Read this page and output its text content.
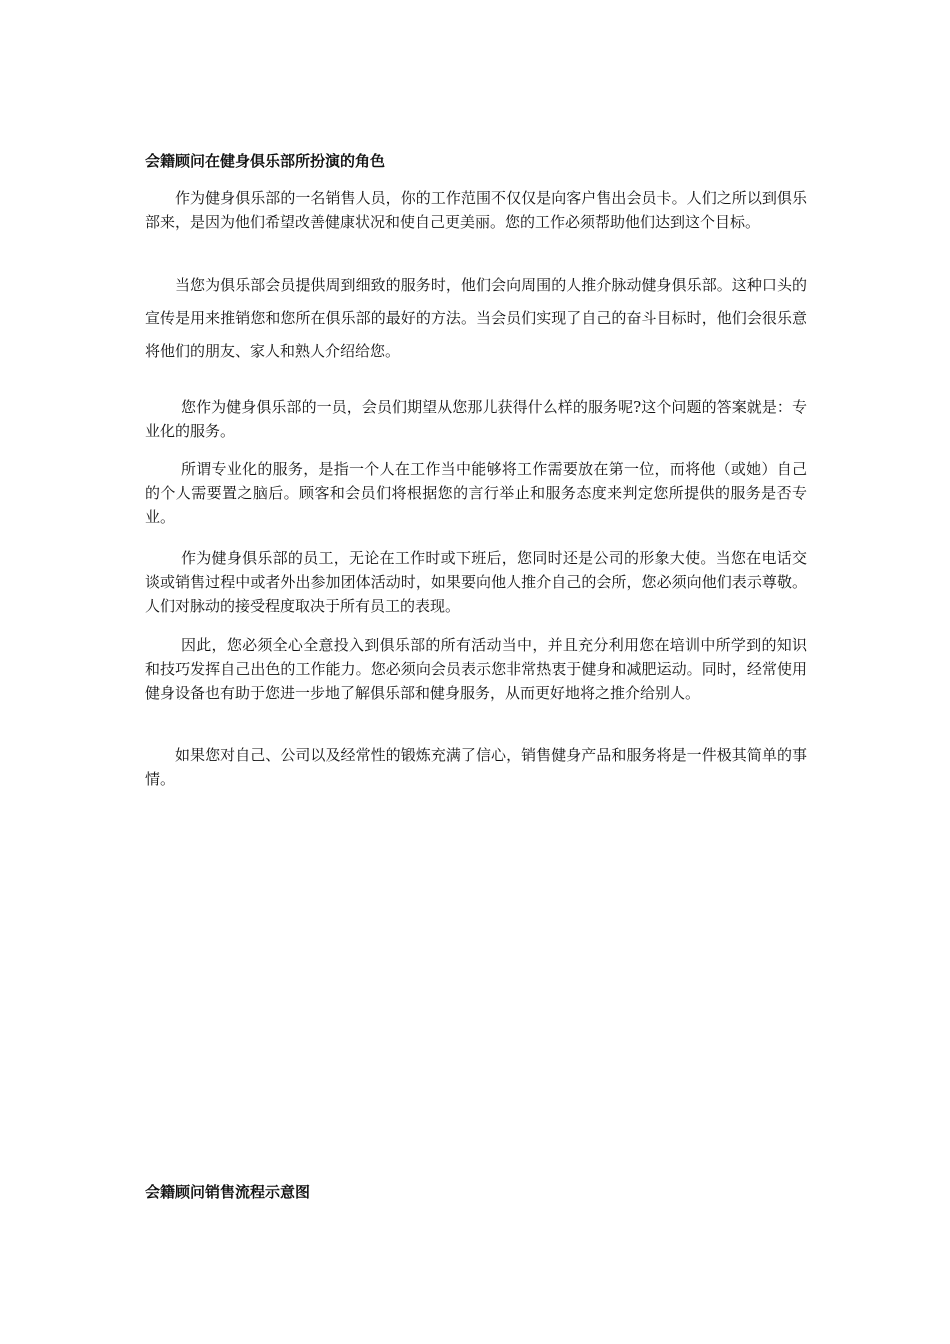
会籍顾问在健身俱乐部所扮演的角色

作为健身俱乐部的一名销售人员，你的工作范围不仅仅是向客户售出会员卡。人们之所以到俱乐部来，是因为他们希望改善健康状况和使自己更美丽。您的工作必须帮助他们达到这个目标。

当您为俱乐部会员提供周到细致的服务时，他们会向周围的人推介脉动健身俱乐部。这种口头的宣传是用来推销您和您所在俱乐部的最好的方法。当会员们实现了自己的奋斗目标时，他们会很乐意将他们的朋友、家人和熟人介绍给您。

您作为健身俱乐部的一员，会员们期望从您那儿获得什么样的服务呢?这个问题的答案就是：专业化的服务。

所谓专业化的服务，是指一个人在工作当中能够将工作需要放在第一位，而将他（或她）自己的个人需要置之脑后。顾客和会员们将根据您的言行举止和服务态度来判定您所提供的服务是否专业。

作为健身俱乐部的员工，无论在工作时或下班后，您同时还是公司的形象大使。当您在电话交谈或销售过程中或者外出参加团体活动时，如果要向他人推介自己的会所，您必须向他们表示尊敬。人们对脉动的接受程度取决于所有员工的表现。

因此，您必须全心全意投入到俱乐部的所有活动当中，并且充分利用您在培训中所学到的知识和技巧发挥自己出色的工作能力。您必须向会员表示您非常热衷于健身和减肥运动。同时，经常使用健身设备也有助于您进一步地了解俱乐部和健身服务，从而更好地将之推介给别人。

如果您对自己、公司以及经常性的锻炼充满了信心，销售健身产品和服务将是一件极其简单的事情。

会籍顾问销售流程示意图
